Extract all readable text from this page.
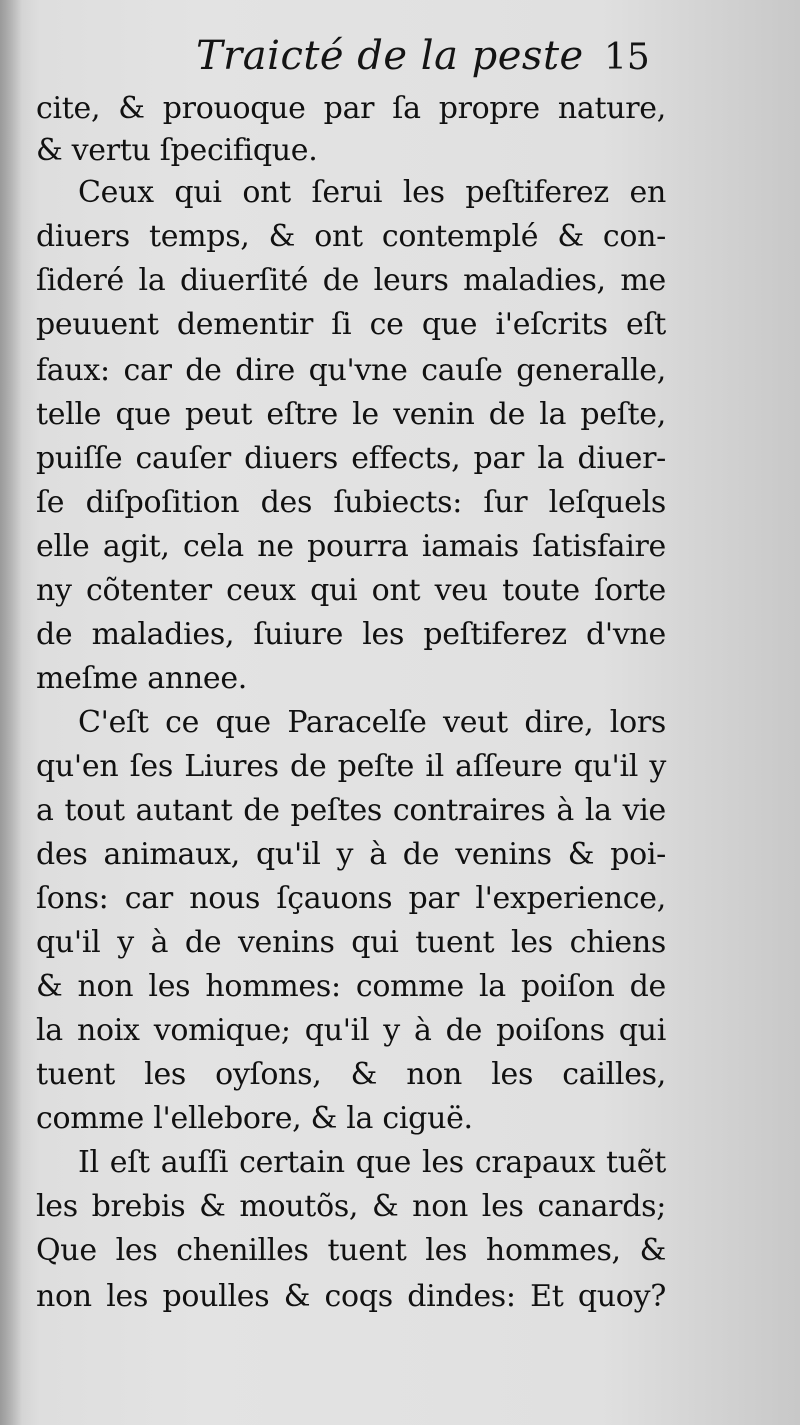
Traicté de la peste 15
cite, & prouoque par ſa propre nature,
& vertu ſpecifique.
Ceux qui ont ſerui les peſtiferez en
diuers temps, & ont contemplé & con-
ſideré la diuerſité de leurs maladies, me
peuuent dementir ſi ce que i'eſcrits eſt
faux: car de dire qu'vne cauſe generalle,
telle que peut eſtre le venin de la peſte,
puiſſe cauſer diuers effects, par la diuer-
ſe diſpoſition des ſubiects: ſur leſquels
elle agit, cela ne pourra iamais ſatisfaire
ny cõtenter ceux qui ont veu toute ſorte
de maladies, ſuiure les peſtiferez d'vne
meſme annee.
C'eſt ce que Paracelſe veut dire, lors
qu'en ſes Liures de peſte il aſſeure qu'il y
a tout autant de peſtes contraires à la vie
des animaux, qu'il y à de venins & poi-
ſons: car nous ſçauons par l'experience,
qu'il y à de venins qui tuent les chiens
& non les hommes: comme la poiſon de
la noix vomique; qu'il y à de poiſons qui
tuent les oyſons, & non les cailles,
comme l'ellebore, & la ciguë.
Il eſt auſſi certain que les crapaux tuẽt
les brebis & moutõs, & non les canards;
Que les chenilles tuent les hommes, &
non les poulles & coqs dindes: Et quoy?
